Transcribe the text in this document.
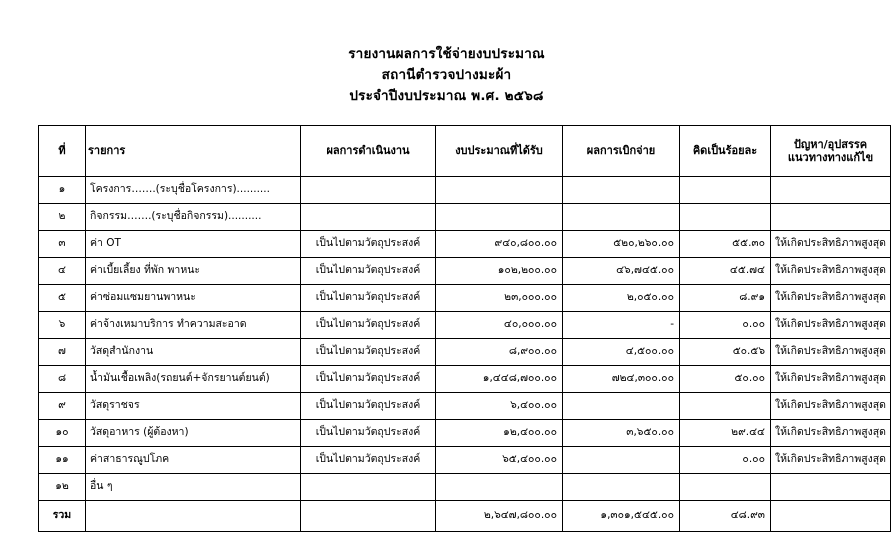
รายงานผลการใช้จ่ายงบประมาณ
สถานีตำรวจปางมะผ้า
ประจำปีงบประมาณ พ.ศ. ๒๕๖๘
ที่	รายการ	ผลการดำเนินงาน	งบประมาณที่ได้รับ	ผลการเบิกจ่าย	คิดเป็นร้อยละ	ปัญหา/อุปสรรค
แนวทางทางแก้ไข

๑	โครงการ…….(ระบุชื่อโครงการ)..........					
๒	กิจกรรม…….(ระบุชื่อกิจกรรม)..........					
๓	ค่า OT	เป็นไปตามวัตถุประสงค์	๙๔๐,๘๐๐.๐๐	๕๒๐,๒๖๐.๐๐	๕๕.๓๐	ให้เกิดประสิทธิภาพสูงสุด
๔	ค่าเบี้ยเลี้ยง ที่พัก พาหนะ	เป็นไปตามวัตถุประสงค์	๑๐๒,๒๐๐.๐๐	๔๖,๗๔๕.๐๐	๔๕.๗๔	ให้เกิดประสิทธิภาพสูงสุด
๕	ค่าซ่อมแซมยานพาหนะ	เป็นไปตามวัตถุประสงค์	๒๓,๐๐๐.๐๐	๒,๐๕๐.๐๐	๘.๙๑	ให้เกิดประสิทธิภาพสูงสุด
๖	ค่าจ้างเหมาบริการ ทำความสะอาด	เป็นไปตามวัตถุประสงค์	๔๐,๐๐๐.๐๐	-	๐.๐๐	ให้เกิดประสิทธิภาพสูงสุด
๗	วัสดุสำนักงาน	เป็นไปตามวัตถุประสงค์	๘,๙๐๐.๐๐	๔,๕๐๐.๐๐	๕๐.๕๖	ให้เกิดประสิทธิภาพสูงสุด
๘	น้ำมันเชื้อเพลิง(รถยนต์+จักรยานต์ยนต์)	เป็นไปตามวัตถุประสงค์	๑,๔๔๘,๗๐๐.๐๐	๗๒๔,๓๐๐.๐๐	๕๐.๐๐	ให้เกิดประสิทธิภาพสูงสุด
๙	วัสดุราชจร	เป็นไปตามวัตถุประสงค์	๖,๔๐๐.๐๐			ให้เกิดประสิทธิภาพสูงสุด
๑๐	วัสดุอาหาร (ผู้ต้องหา)	เป็นไปตามวัตถุประสงค์	๑๒,๔๐๐.๐๐	๓,๖๕๐.๐๐	๒๙.๔๔	ให้เกิดประสิทธิภาพสูงสุด
๑๑	ค่าสาธารณูปโภค	เป็นไปตามวัตถุประสงค์	๖๕,๔๐๐.๐๐		๐.๐๐	ให้เกิดประสิทธิภาพสูงสุด
๑๒	อื่น ๆ					
รวม			๒,๖๔๗,๘๐๐.๐๐	๑,๓๐๑,๕๔๕.๐๐	๔๘.๙๓	
